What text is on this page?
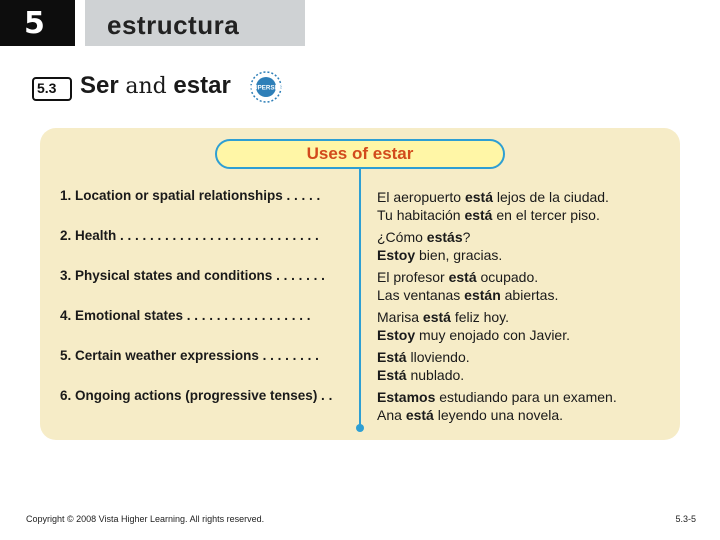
5 estructura
5.3 Ser and estar	SUPERSITE
Uses of estar
1. Location or spatial relationships . . . . .	El aeropuerto está lejos de la ciudad.
Tu habitación está en el tercer piso.
2. Health . . . . . . . . . . . . . . . . . . . . . . . . . . .	¿Cómo estás?
Estoy bien, gracias.
3. Physical states and conditions . . . . . . .	El profesor está ocupado.
Las ventanas están abiertas.
4. Emotional states . . . . . . . . . . . . . . . . .	Marisa está feliz hoy.
Estoy muy enojado con Javier.
5. Certain weather expressions . . . . . . . .	Está lloviendo.
Está nublado.
6. Ongoing actions (progressive tenses) . .	Estamos estudiando para un examen.
Ana está leyendo una novela.
Copyright © 2008 Vista Higher Learning. All rights reserved.	5.3-5
